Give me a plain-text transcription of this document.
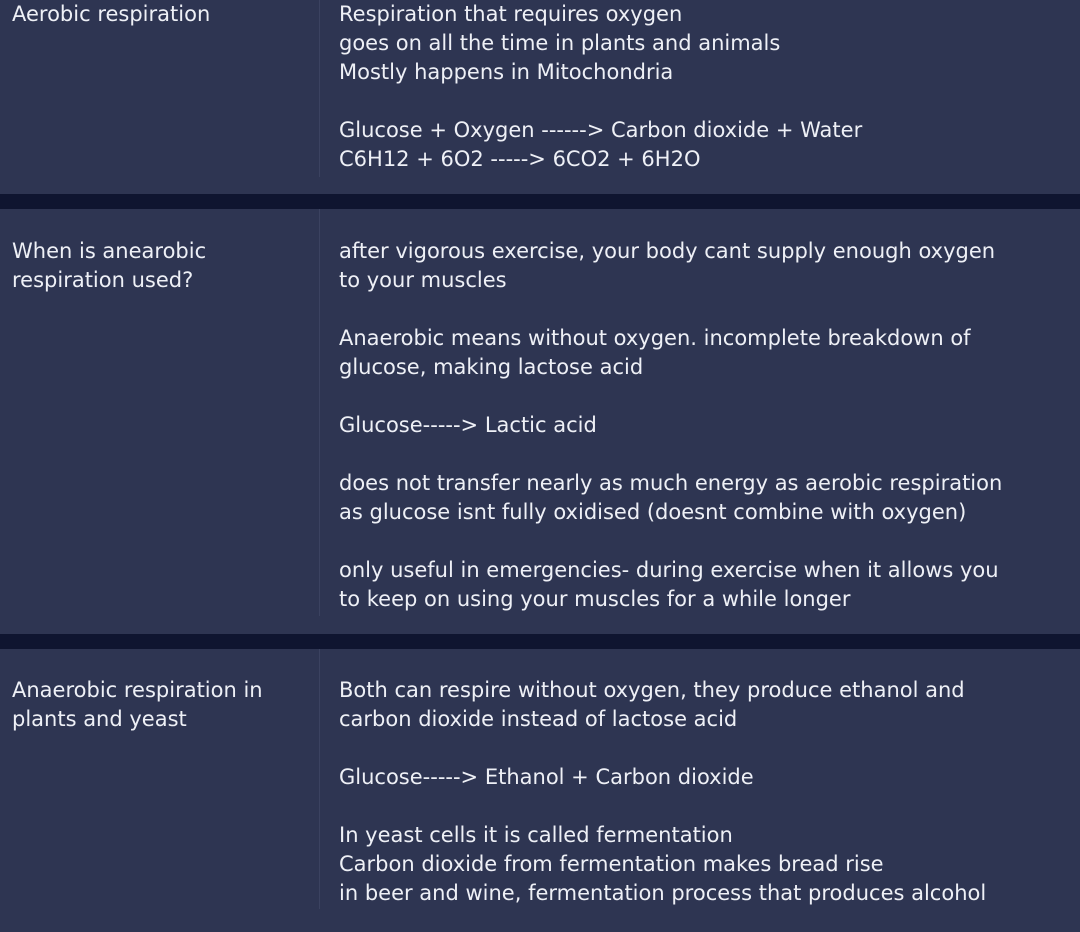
Aerobic respiration	Respiration that requires oxygen
goes on all the time in plants and animals
Mostly happens in Mitochondria
Glucose + Oxygen ------> Carbon dioxide + Water
C6H12 + 6O2 -----> 6CO2 + 6H2O
When is anearobic
respiration used?
after vigorous exercise, your body cant supply enough oxygen
to your muscles
Anaerobic means without oxygen. incomplete breakdown of
glucose, making lactose acid
Glucose-----> Lactic acid
does not transfer nearly as much energy as aerobic respiration
as glucose isnt fully oxidised (doesnt combine with oxygen)
only useful in emergencies- during exercise when it allows you
to keep on using your muscles for a while longer
Anaerobic respiration in
plants and yeast
Both can respire without oxygen, they produce ethanol and
carbon dioxide instead of lactose acid
Glucose-----> Ethanol + Carbon dioxide
In yeast cells it is called fermentation
Carbon dioxide from fermentation makes bread rise
in beer and wine, fermentation process that produces alcohol
